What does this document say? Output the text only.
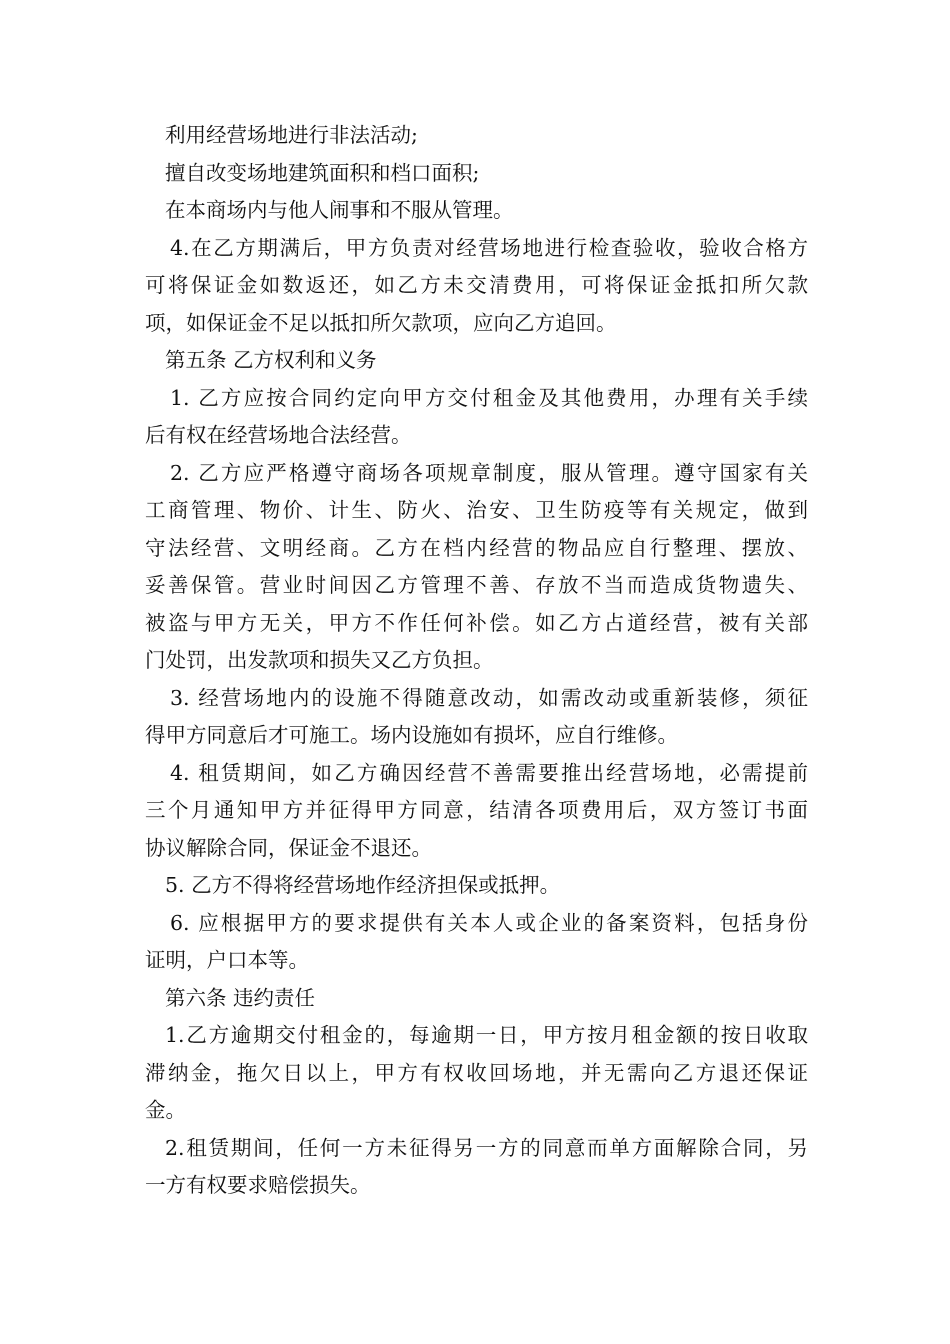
利用经营场地进行非法活动;
擅自改变场地建筑面积和档口面积;
在本商场内与他人闹事和不服从管理。
4.在乙方期满后，甲方负责对经营场地进行检查验收，验收合格方
可将保证金如数返还，如乙方未交清费用，可将保证金抵扣所欠款
项，如保证金不足以抵扣所欠款项，应向乙方追回。
第五条 乙方权利和义务
1. 乙方应按合同约定向甲方交付租金及其他费用，办理有关手续
后有权在经营场地合法经营。
2. 乙方应严格遵守商场各项规章制度，服从管理。遵守国家有关
工商管理、物价、计生、防火、治安、卫生防疫等有关规定，做到
守法经营、文明经商。乙方在档内经营的物品应自行整理、摆放、
妥善保管。营业时间因乙方管理不善、存放不当而造成货物遗失、
被盗与甲方无关，甲方不作任何补偿。如乙方占道经营，被有关部
门处罚，出发款项和损失又乙方负担。
3. 经营场地内的设施不得随意改动，如需改动或重新装修，须征
得甲方同意后才可施工。场内设施如有损坏，应自行维修。
4. 租赁期间，如乙方确因经营不善需要推出经营场地，必需提前
三个月通知甲方并征得甲方同意，结清各项费用后，双方签订书面
协议解除合同，保证金不退还。
5. 乙方不得将经营场地作经济担保或抵押。
6. 应根据甲方的要求提供有关本人或企业的备案资料，包括身份
证明，户口本等。
第六条 违约责任
1.乙方逾期交付租金的，每逾期一日，甲方按月租金额的按日收取
滞纳金，拖欠日以上，甲方有权收回场地，并无需向乙方退还保证
金。
2.租赁期间，任何一方未征得另一方的同意而单方面解除合同，另
一方有权要求赔偿损失。
